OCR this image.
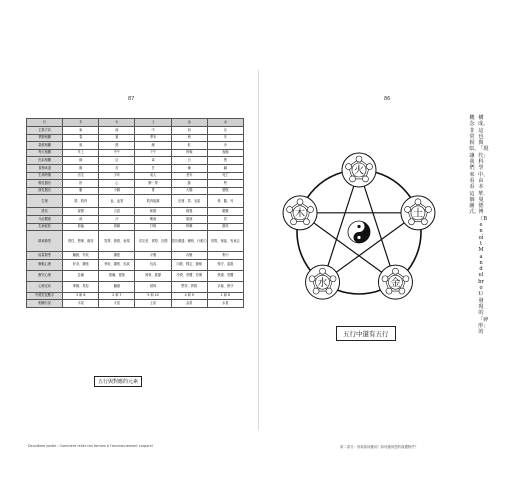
87
行	木	火	土	金	水
主要方向	東	南	中	西	北
季節相關	春	夏	季末	秋	冬
氣候相關	風	熱	濕	乾	冷
每天相關	早上	中午	下午	傍晚	夜晚
色彩相關	綠	紅	黃	白	黑
食物味道	酸	苦	甘	辣	鹹
生命時期	出生	少年	成人	老年	死亡
陽性器官	肝	心	脾－胃	肺	腎
陰性器官	膽	小腸	胃	大腸	膀胱
生理	肌、肌肉	血、血管	肌肉組織	皮膚、鼻、毛髮	骨、髓、耳
感官	視覺	言語	味覺	嗅覺	聽覺
分泌體液	淚	汗	唾液	黏液	尿
生病症狀	抽搐	煩躁	打嗝	咳嗽	顫抖
精神類型	感性、想像、創造	智慧、熱情、表現	求完美、實際、沉穩	善於溝通、嚴格、行動力	實際、保留、有意志
能量類型	驅動、外放	擴張	平衡	內聚	集中
衝動心理	好奇、擴張	爭取、擴張、忠誠	包容	內斂、穩定、節儉	保守、遠慮
衝突心理	急躁	欺瞞、冒險	固執、擔憂	冷漠、恐懼、悲傷	焦慮、恐懼
心理走向	專橫、易怒	驕傲	固執	堅持、實際	多疑、保守
中國宮廷數字	3 和 8	2 和 7	5 和 10	4 和 9	1 和 6
相關行星	木星	火星	土星	金星	水星
五行與對應的元素
Deuxième partie : Comment relier ces formes à l'environnement corporel
86
火
土
金
水
木
五行中還有五行
構成。這也與「現代」科學中，由本華．曼德博（Benoît Mandelbrot）發現的「碎形」的
概念非常相似。讓我們來看看這個圖式。
第二部分：形象如何應用？如何運用您的周遭物件？
